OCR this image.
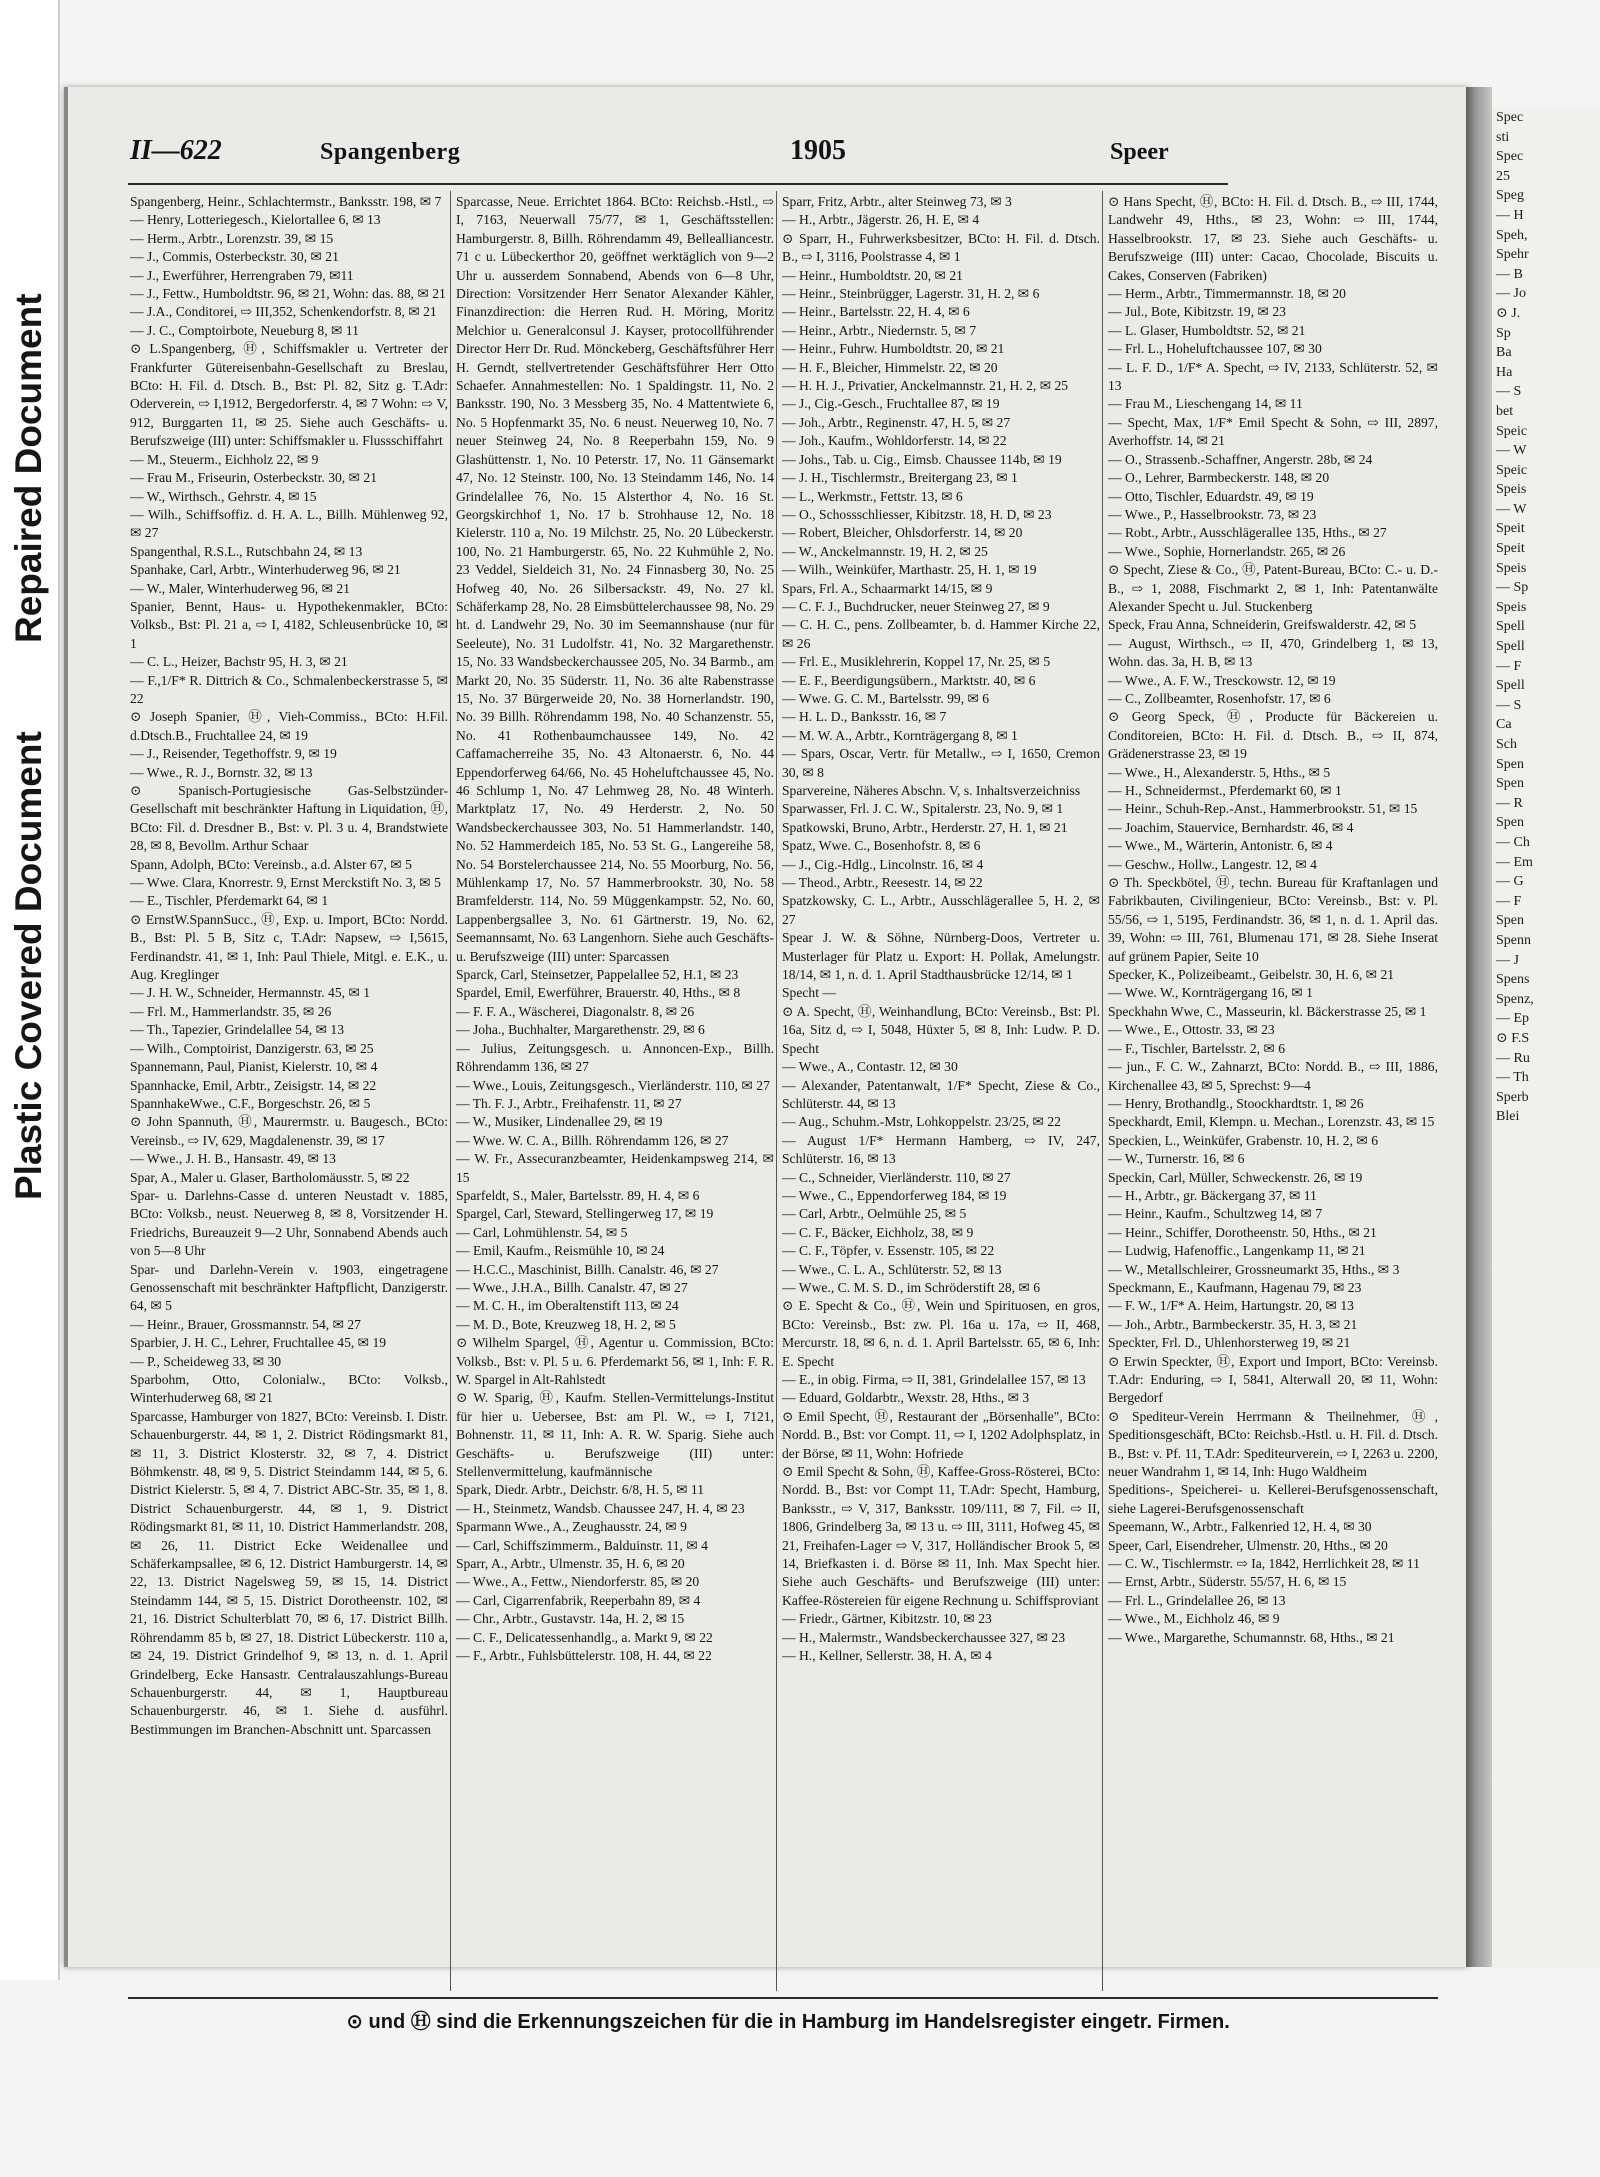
Repaired Document
Plastic Covered Document
II—622	Spangenberg	1905	Speer

Spangenberg, Heinr., Schlachtermstr., Banksstr. 198, ✉ 7

— Henry, Lotteriegesch., Kielortallee 6, ✉ 13

— Herm., Arbtr., Lorenzstr. 39, ✉ 15

— J., Commis, Osterbeckstr. 30, ✉ 21

— J., Ewerführer, Herrengraben 79, ✉11

— J., Fettw., Humboldtstr. 96, ✉ 21, Wohn: das. 88, ✉ 21

— J.A., Conditorei, ⇨ III,352, Schenkendorfstr. 8, ✉ 21

— J. C., Comptoirbote, Neueburg 8, ✉ 11

⊙ L.Spangenberg, Ⓗ, Schiffsmakler u. Vertreter der Frankfurter Gütereisenbahn-Gesellschaft zu Breslau, BCto: H. Fil. d. Dtsch. B., Bst: Pl. 82, Sitz g. T.Adr: Oderverein, ⇨ I,1912, Bergedorferstr. 4, ✉ 7 Wohn: ⇨ V, 912, Burggarten 11, ✉ 25. Siehe auch Geschäfts- u. Berufszweige (III) unter: Schiffsmakler u. Flussschiffahrt

— M., Steuerm., Eichholz 22, ✉ 9

— Frau M., Friseurin, Osterbeckstr. 30, ✉ 21

— W., Wirthsch., Gehrstr. 4, ✉ 15

— Wilh., Schiffsoffiz. d. H. A. L., Billh. Mühlenweg 92, ✉ 27

Spangenthal, R.S.L., Rutschbahn 24, ✉ 13

Spanhake, Carl, Arbtr., Winterhuderweg 96, ✉ 21

— W., Maler, Winterhuderweg 96, ✉ 21

Spanier, Bennt, Haus- u. Hypothekenmakler, BCto: Volksb., Bst: Pl. 21 a, ⇨ I, 4182, Schleusenbrücke 10, ✉ 1

— C. L., Heizer, Bachstr 95, H. 3, ✉ 21

— F.,1/F* R. Dittrich & Co., Schmalenbeckerstrasse 5, ✉ 22

⊙ Joseph Spanier, Ⓗ, Vieh-Commiss., BCto: H.Fil. d.Dtsch.B., Fruchtallee 24, ✉ 19

— J., Reisender, Tegethoffstr. 9, ✉ 19

— Wwe., R. J., Bornstr. 32, ✉ 13

⊙ Spanisch-Portugiesische Gas-Selbstzünder-Gesellschaft mit beschränkter Haftung in Liquidation, Ⓗ, BCto: Fil. d. Dresdner B., Bst: v. Pl. 3 u. 4, Brandstwiete 28, ✉ 8, Bevollm. Arthur Schaar

Spann, Adolph, BCto: Vereinsb., a.d. Alster 67, ✉ 5

— Wwe. Clara, Knorrestr. 9, Ernst Merckstift No. 3, ✉ 5

— E., Tischler, Pferdemarkt 64, ✉ 1

⊙ ErnstW.SpannSucc., Ⓗ, Exp. u. Import, BCto: Nordd. B., Bst: Pl. 5 B, Sitz c, T.Adr: Napsew, ⇨ I,5615, Ferdinandstr. 41, ✉ 1, Inh: Paul Thiele, Mitgl. e. E.K., u. Aug. Kreglinger

— J. H. W., Schneider, Hermannstr. 45, ✉ 1

— Frl. M., Hammerlandstr. 35, ✉ 26

— Th., Tapezier, Grindelallee 54, ✉ 13

— Wilh., Comptoirist, Danzigerstr. 63, ✉ 25

Spannemann, Paul, Pianist, Kielerstr. 10, ✉ 4

Spannhacke, Emil, Arbtr., Zeisigstr. 14, ✉ 22

SpannhakeWwe., C.F., Borgeschstr. 26, ✉ 5

⊙ John Spannuth, Ⓗ, Maurermstr. u. Baugesch., BCto: Vereinsb., ⇨ IV, 629, Magdalenenstr. 39, ✉ 17

— Wwe., J. H. B., Hansastr. 49, ✉ 13

Spar, A., Maler u. Glaser, Bartholomäusstr. 5, ✉ 22

Spar- u. Darlehns-Casse d. unteren Neustadt v. 1885, BCto: Volksb., neust. Neuerweg 8, ✉ 8, Vorsitzender H. Friedrichs, Bureauzeit 9—2 Uhr, Sonnabend Abends auch von 5—8 Uhr

Spar- und Darlehn-Verein v. 1903, eingetragene Genossenschaft mit beschränkter Haftpflicht, Danzigerstr. 64, ✉ 5

— Heinr., Brauer, Grossmannstr. 54, ✉ 27

Sparbier, J. H. C., Lehrer, Fruchtallee 45, ✉ 19

— P., Scheideweg 33, ✉ 30

Sparbohm, Otto, Colonialw., BCto: Volksb., Winterhuderweg 68, ✉ 21

Sparcasse, Hamburger von 1827, BCto: Vereinsb. I. Distr. Schauenburgerstr. 44, ✉ 1, 2. District Rödingsmarkt 81, ✉ 11, 3. District Klosterstr. 32, ✉ 7, 4. District Böhmkenstr. 48, ✉ 9, 5. District Steindamm 144, ✉ 5, 6. District Kielerstr. 5, ✉ 4, 7. District ABC-Str. 35, ✉ 1, 8. District Schauenburgerstr. 44, ✉ 1, 9. District Rödingsmarkt 81, ✉ 11, 10. District Hammerlandstr. 208, ✉ 26, 11. District Ecke Weidenallee und Schäferkampsallee, ✉ 6, 12. District Hamburgerstr. 14, ✉ 22, 13. District Nagelsweg 59, ✉ 15, 14. District Steindamm 144, ✉ 5, 15. District Dorotheenstr. 102, ✉ 21, 16. District Schulterblatt 70, ✉ 6, 17. District Billh. Röhrendamm 85 b, ✉ 27, 18. District Lübeckerstr. 110 a, ✉ 24, 19. District Grindelhof 9, ✉ 13, n. d. 1. April Grindelberg, Ecke Hansastr. Centralauszahlungs-Bureau Schauenburgerstr. 44, ✉ 1, Hauptbureau Schauenburgerstr. 46, ✉ 1. Siehe d. ausführl. Bestimmungen im Branchen-Abschnitt unt. Sparcassen

Sparcasse, Neue. Errichtet 1864. BCto: Reichsb.-Hstl., ⇨ I, 7163, Neuerwall 75/77, ✉ 1, Geschäftsstellen: Hamburgerstr. 8, Billh. Röhrendamm 49, Bellealliancestr. 71 c u. Lübeckerthor 20, geöffnet werktäglich von 9—2 Uhr u. ausserdem Sonnabend, Abends von 6—8 Uhr, Direction: Vorsitzender Herr Senator Alexander Kähler, Finanzdirection: die Herren Rud. H. Möring, Moritz Melchior u. Generalconsul J. Kayser, protocollführender Director Herr Dr. Rud. Mönckeberg, Geschäftsführer Herr H. Gerndt, stellvertretender Geschäftsführer Herr Otto Schaefer. Annahmestellen: No. 1 Spaldingstr. 11, No. 2 Banksstr. 190, No. 3 Messberg 35, No. 4 Mattentwiete 6, No. 5 Hopfenmarkt 35, No. 6 neust. Neuerweg 10, No. 7 neuer Steinweg 24, No. 8 Reeperbahn 159, No. 9 Glashüttenstr. 1, No. 10 Peterstr. 17, No. 11 Gänsemarkt 47, No. 12 Steinstr. 100, No. 13 Steindamm 146, No. 14 Grindelallee 76, No. 15 Alsterthor 4, No. 16 St. Georgskirchhof 1, No. 17 b. Strohhause 12, No. 18 Kielerstr. 110 a, No. 19 Milchstr. 25, No. 20 Lübeckerstr. 100, No. 21 Hamburgerstr. 65, No. 22 Kuhmühle 2, No. 23 Veddel, Sieldeich 31, No. 24 Finnasberg 30, No. 25 Hofweg 40, No. 26 Silbersackstr. 49, No. 27 kl. Schäferkamp 28, No. 28 Eimsbüttelerchaussee 98, No. 29 ht. d. Landwehr 29, No. 30 im Seemannshause (nur für Seeleute), No. 31 Ludolfstr. 41, No. 32 Margarethenstr. 15, No. 33 Wandsbeckerchaussee 205, No. 34 Barmb., am Markt 20, No. 35 Süderstr. 11, No. 36 alte Rabenstrasse 15, No. 37 Bürgerweide 20, No. 38 Hornerlandstr. 190, No. 39 Billh. Röhrendamm 198, No. 40 Schanzenstr. 55, No. 41 Rothenbaumchaussee 149, No. 42 Caffamacherreihe 35, No. 43 Altonaerstr. 6, No. 44 Eppendorferweg 64/66, No. 45 Hoheluftchaussee 45, No. 46 Schlump 1, No. 47 Lehmweg 28, No. 48 Winterh. Marktplatz 17, No. 49 Herderstr. 2, No. 50 Wandsbeckerchaussee 303, No. 51 Hammerlandstr. 140, No. 52 Hammerdeich 185, No. 53 St. G., Langereihe 58, No. 54 Borstelerchaussee 214, No. 55 Moorburg, No. 56, Mühlenkamp 17, No. 57 Hammerbrookstr. 30, No. 58 Bramfelderstr. 114, No. 59 Müggenkampstr. 52, No. 60, Lappenbergsallee 3, No. 61 Gärtnerstr. 19, No. 62, Seemannsamt, No. 63 Langenhorn. Siehe auch Geschäfts- u. Berufszweige (III) unter: Sparcassen

Sparck, Carl, Steinsetzer, Pappelallee 52, H.1, ✉ 23

Spardel, Emil, Ewerführer, Brauerstr. 40, Hths., ✉ 8

— F. F. A., Wäscherei, Diagonalstr. 8, ✉ 26

— Joha., Buchhalter, Margarethenstr. 29, ✉ 6

— Julius, Zeitungsgesch. u. Annoncen-Exp., Billh. Röhrendamm 136, ✉ 27

— Wwe., Louis, Zeitungsgesch., Vierländerstr. 110, ✉ 27

— Th. F. J., Arbtr., Freihafenstr. 11, ✉ 27

— W., Musiker, Lindenallee 29, ✉ 19

— Wwe. W. C. A., Billh. Röhrendamm 126, ✉ 27

— W. Fr., Assecuranzbeamter, Heidenkampsweg 214, ✉ 15

Sparfeldt, S., Maler, Bartelsstr. 89, H. 4, ✉ 6

Spargel, Carl, Steward, Stellingerweg 17, ✉ 19

— Carl, Lohmühlenstr. 54, ✉ 5

— Emil, Kaufm., Reismühle 10, ✉ 24

— H.C.C., Maschinist, Billh. Canalstr. 46, ✉ 27

— Wwe., J.H.A., Billh. Canalstr. 47, ✉ 27

— M. C. H., im Oberaltenstift 113, ✉ 24

— M. D., Bote, Kreuzweg 18, H. 2, ✉ 5

⊙ Wilhelm Spargel, Ⓗ, Agentur u. Commission, BCto: Volksb., Bst: v. Pl. 5 u. 6. Pferdemarkt 56, ✉ 1, Inh: F. R. W. Spargel in Alt-Rahlstedt

⊙ W. Sparig, Ⓗ, Kaufm. Stellen-Vermittelungs-Institut für hier u. Uebersee, Bst: am Pl. W., ⇨ I, 7121, Bohnenstr. 11, ✉ 11, Inh: A. R. W. Sparig. Siehe auch Geschäfts- u. Berufszweige (III) unter: Stellenvermittelung, kaufmännische

Spark, Diedr. Arbtr., Deichstr. 6/8, H. 5, ✉ 11

— H., Steinmetz, Wandsb. Chaussee 247, H. 4, ✉ 23

Sparmann Wwe., A., Zeughausstr. 24, ✉ 9

— Carl, Schiffszimmerm., Balduinstr. 11, ✉ 4

Sparr, A., Arbtr., Ulmenstr. 35, H. 6, ✉ 20

— Wwe., A., Fettw., Niendorferstr. 85, ✉ 20

— Carl, Cigarrenfabrik, Reeperbahn 89, ✉ 4

— Chr., Arbtr., Gustavstr. 14a, H. 2, ✉ 15

— C. F., Delicatessenhandlg., a. Markt 9, ✉ 22

— F., Arbtr., Fuhlsbüttelerstr. 108, H. 44, ✉ 22

Sparr, Fritz, Arbtr., alter Steinweg 73, ✉ 3

— H., Arbtr., Jägerstr. 26, H. E, ✉ 4

⊙ Sparr, H., Fuhrwerksbesitzer, BCto: H. Fil. d. Dtsch. B., ⇨ I, 3116, Poolstrasse 4, ✉ 1

— Heinr., Humboldtstr. 20, ✉ 21

— Heinr., Steinbrügger, Lagerstr. 31, H. 2, ✉ 6

— Heinr., Bartelsstr. 22, H. 4, ✉ 6

— Heinr., Arbtr., Niedernstr. 5, ✉ 7

— Heinr., Fuhrw. Humboldtstr. 20, ✉ 21

— H. F., Bleicher, Himmelstr. 22, ✉ 20

— H. H. J., Privatier, Anckelmannstr. 21, H. 2, ✉ 25

— J., Cig.-Gesch., Fruchtallee 87, ✉ 19

— Joh., Arbtr., Reginenstr. 47, H. 5, ✉ 27

— Joh., Kaufm., Wohldorferstr. 14, ✉ 22

— Johs., Tab. u. Cig., Eimsb. Chaussee 114b, ✉ 19

— J. H., Tischlermstr., Breitergang 23, ✉ 1

— L., Werkmstr., Fettstr. 13, ✉ 6

— O., Schossschliesser, Kibitzstr. 18, H. D, ✉ 23

— Robert, Bleicher, Ohlsdorferstr. 14, ✉ 20

— W., Anckelmannstr. 19, H. 2, ✉ 25

— Wilh., Weinküfer, Marthastr. 25, H. 1, ✉ 19

Spars, Frl. A., Schaarmarkt 14/15, ✉ 9

— C. F. J., Buchdrucker, neuer Steinweg 27, ✉ 9

— C. H. C., pens. Zollbeamter, b. d. Hammer Kirche 22, ✉ 26

— Frl. E., Musiklehrerin, Koppel 17, Nr. 25, ✉ 5

— E. F., Beerdigungsübern., Marktstr. 40, ✉ 6

— Wwe. G. C. M., Bartelsstr. 99, ✉ 6

— H. L. D., Banksstr. 16, ✉ 7

— M. W. A., Arbtr., Kornträgergang 8, ✉ 1

— Spars, Oscar, Vertr. für Metallw., ⇨ I, 1650, Cremon 30, ✉ 8

Sparvereine, Näheres Abschn. V, s. Inhaltsverzeichniss

Sparwasser, Frl. J. C. W., Spitalerstr. 23, No. 9, ✉ 1

Spatkowski, Bruno, Arbtr., Herderstr. 27, H. 1, ✉ 21

Spatz, Wwe. C., Bosenhofstr. 8, ✉ 6

— J., Cig.-Hdlg., Lincolnstr. 16, ✉ 4

— Theod., Arbtr., Reesestr. 14, ✉ 22

Spatzkowsky, C. L., Arbtr., Ausschlägerallee 5, H. 2, ✉ 27

Spear J. W. & Söhne, Nürnberg-Doos, Vertreter u. Musterlager für Platz u. Export: H. Pollak, Amelungstr. 18/14, ✉ 1, n. d. 1. April Stadthausbrücke 12/14, ✉ 1

Specht —

⊙ A. Specht, Ⓗ, Weinhandlung, BCto: Vereinsb., Bst: Pl. 16a, Sitz d, ⇨ I, 5048, Hüxter 5, ✉ 8, Inh: Ludw. P. D. Specht

— Wwe., A., Contastr. 12, ✉ 30

— Alexander, Patentanwalt, 1/F* Specht, Ziese & Co., Schlüterstr. 44, ✉ 13

— Aug., Schuhm.-Mstr, Lohkoppelstr. 23/25, ✉ 22

— August 1/F* Hermann Hamberg, ⇨ IV, 247, Schlüterstr. 16, ✉ 13

— C., Schneider, Vierländerstr. 110, ✉ 27

— Wwe., C., Eppendorferweg 184, ✉ 19

— Carl, Arbtr., Oelmühle 25, ✉ 5

— C. F., Bäcker, Eichholz, 38, ✉ 9

— C. F., Töpfer, v. Essenstr. 105, ✉ 22

— Wwe., C. L. A., Schlüterstr. 52, ✉ 13

— Wwe., C. M. S. D., im Schröderstift 28, ✉ 6

⊙ E. Specht & Co., Ⓗ, Wein und Spirituosen, en gros, BCto: Vereinsb., Bst: zw. Pl. 16a u. 17a, ⇨ II, 468, Mercurstr. 18, ✉ 6, n. d. 1. April Bartelsstr. 65, ✉ 6, Inh: E. Specht

— E., in obig. Firma, ⇨ II, 381, Grindelallee 157, ✉ 13

— Eduard, Goldarbtr., Wexstr. 28, Hths., ✉ 3

⊙ Emil Specht, Ⓗ, Restaurant der „Börsenhalle", BCto: Nordd. B., Bst: vor Compt. 11, ⇨ I, 1202 Adolphsplatz, in der Börse, ✉ 11, Wohn: Hofriede

⊙ Emil Specht & Sohn, Ⓗ, Kaffee-Gross-Rösterei, BCto: Nordd. B., Bst: vor Compt 11, T.Adr: Specht, Hamburg, Banksstr., ⇨ V, 317, Banksstr. 109/111, ✉ 7, Fil. ⇨ II, 1806, Grindelberg 3a, ✉ 13 u. ⇨ III, 3111, Hofweg 45, ✉ 21, Freihafen-Lager ⇨ V, 317, Holländischer Brook 5, ✉ 14, Briefkasten i. d. Börse ✉ 11, Inh. Max Specht hier. Siehe auch Geschäfts- und Berufszweige (III) unter: Kaffee-Röstereien für eigene Rechnung u. Schiffsproviant

— Friedr., Gärtner, Kibitzstr. 10, ✉ 23

— H., Malermstr., Wandsbeckerchaussee 327, ✉ 23

— H., Kellner, Sellerstr. 38, H. A, ✉ 4

⊙ Hans Specht, Ⓗ, BCto: H. Fil. d. Dtsch. B., ⇨ III, 1744, Landwehr 49, Hths., ✉ 23, Wohn: ⇨ III, 1744, Hasselbrookstr. 17, ✉ 23. Siehe auch Geschäfts- u. Berufszweige (III) unter: Cacao, Chocolade, Biscuits u. Cakes, Conserven (Fabriken)

— Herm., Arbtr., Timmermannstr. 18, ✉ 20

— Jul., Bote, Kibitzstr. 19, ✉ 23

— L. Glaser, Humboldtstr. 52, ✉ 21

— Frl. L., Hoheluftchaussee 107, ✉ 30

— L. F. D., 1/F* A. Specht, ⇨ IV, 2133, Schlüterstr. 52, ✉ 13

— Frau M., Lieschengang 14, ✉ 11

— Specht, Max, 1/F* Emil Specht & Sohn, ⇨ III, 2897, Averhoffstr. 14, ✉ 21

— O., Strassenb.-Schaffner, Angerstr. 28b, ✉ 24

— O., Lehrer, Barmbeckerstr. 148, ✉ 20

— Otto, Tischler, Eduardstr. 49, ✉ 19

— Wwe., P., Hasselbrookstr. 73, ✉ 23

— Robt., Arbtr., Ausschlägerallee 135, Hths., ✉ 27

— Wwe., Sophie, Hornerlandstr. 265, ✉ 26

⊙ Specht, Ziese & Co., Ⓗ, Patent-Bureau, BCto: C.- u. D.-B., ⇨ 1, 2088, Fischmarkt 2, ✉ 1, Inh: Patentanwälte Alexander Specht u. Jul. Stuckenberg

Speck, Frau Anna, Schneiderin, Greifswalderstr. 42, ✉ 5

— August, Wirthsch., ⇨ II, 470, Grindelberg 1, ✉ 13, Wohn. das. 3a, H. B, ✉ 13

— Wwe., A. F. W., Tresckowstr. 12, ✉ 19

— C., Zollbeamter, Rosenhofstr. 17, ✉ 6

⊙ Georg Speck, Ⓗ, Producte für Bäckereien u. Conditoreien, BCto: H. Fil. d. Dtsch. B., ⇨ II, 874, Grädenerstrasse 23, ✉ 19

— Wwe., H., Alexanderstr. 5, Hths., ✉ 5

— H., Schneidermst., Pferdemarkt 60, ✉ 1

— Heinr., Schuh-Rep.-Anst., Hammerbrookstr. 51, ✉ 15

— Joachim, Stauervice, Bernhardstr. 46, ✉ 4

— Wwe., M., Wärterin, Antonistr. 6, ✉ 4

— Geschw., Hollw., Langestr. 12, ✉ 4

⊙ Th. Speckbötel, Ⓗ, techn. Bureau für Kraftanlagen und Fabrikbauten, Civilingenieur, BCto: Vereinsb., Bst: v. Pl. 55/56, ⇨ 1, 5195, Ferdinandstr. 36, ✉ 1, n. d. 1. April das. 39, Wohn: ⇨ III, 761, Blumenau 171, ✉ 28. Siehe Inserat auf grünem Papier, Seite 10

Specker, K., Polizeibeamt., Geibelstr. 30, H. 6, ✉ 21

— Wwe. W., Kornträgergang 16, ✉ 1

Speckhahn Wwe, C., Masseurin, kl. Bäckerstrasse 25, ✉ 1

— Wwe., E., Ottostr. 33, ✉ 23

— F., Tischler, Bartelsstr. 2, ✉ 6

— jun., F. C. W., Zahnarzt, BCto: Nordd. B., ⇨ III, 1886, Kirchenallee 43, ✉ 5, Sprechst: 9—4

— Henry, Brothandlg., Stoockhardtstr. 1, ✉ 26

Speckhardt, Emil, Klempn. u. Mechan., Lorenzstr. 43, ✉ 15

Speckien, L., Weinküfer, Grabenstr. 10, H. 2, ✉ 6

— W., Turnerstr. 16, ✉ 6

Speckin, Carl, Müller, Schweckenstr. 26, ✉ 19

— H., Arbtr., gr. Bäckergang 37, ✉ 11

— Heinr., Kaufm., Schultzweg 14, ✉ 7

— Heinr., Schiffer, Dorotheenstr. 50, Hths., ✉ 21

— Ludwig, Hafenoffic., Langenkamp 11, ✉ 21

— W., Metallschleirer, Grossneumarkt 35, Hths., ✉ 3

Speckmann, E., Kaufmann, Hagenau 79, ✉ 23

— F. W., 1/F* A. Heim, Hartungstr. 20, ✉ 13

— Joh., Arbtr., Barmbeckerstr. 35, H. 3, ✉ 21

Speckter, Frl. D., Uhlenhorsterweg 19, ✉ 21

⊙ Erwin Speckter, Ⓗ, Export und Import, BCto: Vereinsb. T.Adr: Enduring, ⇨ I, 5841, Alterwall 20, ✉ 11, Wohn: Bergedorf

⊙ Spediteur-Verein Herrmann & Theilnehmer, Ⓗ, Speditionsgeschäft, BCto: Reichsb.-Hstl. u. H. Fil. d. Dtsch. B., Bst: v. Pf. 11, T.Adr: Spediteurverein, ⇨ I, 2263 u. 2200, neuer Wandrahm 1, ✉ 14, Inh: Hugo Waldheim

Speditions-, Speicherei- u. Kellerei-Berufsgenossenschaft, siehe Lagerei-Berufsgenossenschaft

Speemann, W., Arbtr., Falkenried 12, H. 4, ✉ 30

Speer, Carl, Eisendreher, Ulmenstr. 20, Hths., ✉ 20

— C. W., Tischlermstr. ⇨ Ia, 1842, Herrlichkeit 28, ✉ 11

— Ernst, Arbtr., Süderstr. 55/57, H. 6, ✉ 15

— Frl. L., Grindelallee 26, ✉ 13

— Wwe., M., Eichholz 46, ✉ 9

— Wwe., Margarethe, Schumannstr. 68, Hths., ✉ 21

⊙ und Ⓗ sind die Erkennungszeichen für die in Hamburg im Handelsregister eingetr. Firmen.
Spec
sti
Spec
25
Speg
— H
Speh,
Spehr
— B
— Jo
⊙ J.
Sp
Ba
Ha
— S
bet
Speic
— W
Speic
Speis
— W
Speit
Speit
Speis
— Sp
Speis
Spell
Spell
— F
Spell
— S
Ca
Sch
Spen
Spen
— R
Spen
— Ch
— Em
— G
— F
Spen
Spenn
— J
Spens
Spenz,
— Ep
⊙ F.S
— Ru
— Th
Sperb
Blei
